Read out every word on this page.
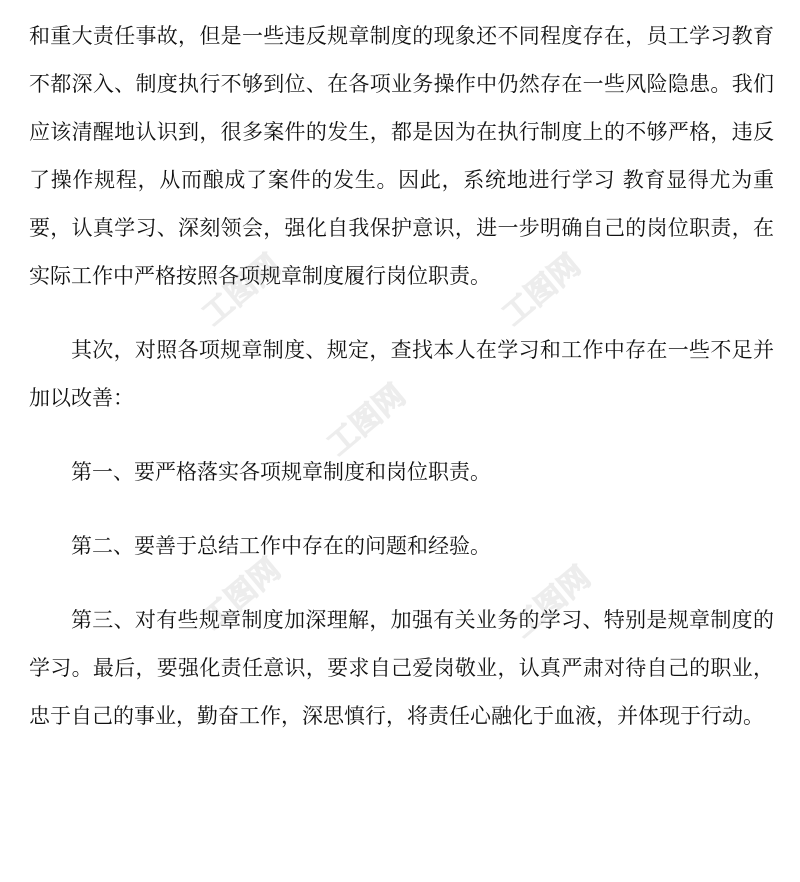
和重大责任事故，但是一些违反规章制度的现象还不同程度存在，员工学习教育不都深入、制度执行不够到位、在各项业务操作中仍然存在一些风险隐患。我们应该清醒地认识到，很多案件的发生，都是因为在执行制度上的不够严格，违反了操作规程，从而酿成了案件的发生。因此，系统地进行学习 教育显得尤为重要，认真学习、深刻领会，强化自我保护意识，进一步明确自己的岗位职责，在实际工作中严格按照各项规章制度履行岗位职责。

其次，对照各项规章制度、规定，查找本人在学习和工作中存在一些不足并加以改善：

第一、要严格落实各项规章制度和岗位职责。

第二、要善于总结工作中存在的问题和经验。

第三、对有些规章制度加深理解，加强有关业务的学习、特别是规章制度的学习。最后，要强化责任意识，要求自己爱岗敬业，认真严肃对待自己的职业，忠于自己的事业，勤奋工作，深思慎行，将责任心融化于血液，并体现于行动。

工图网	工图网
工图网
工图网	工图网
